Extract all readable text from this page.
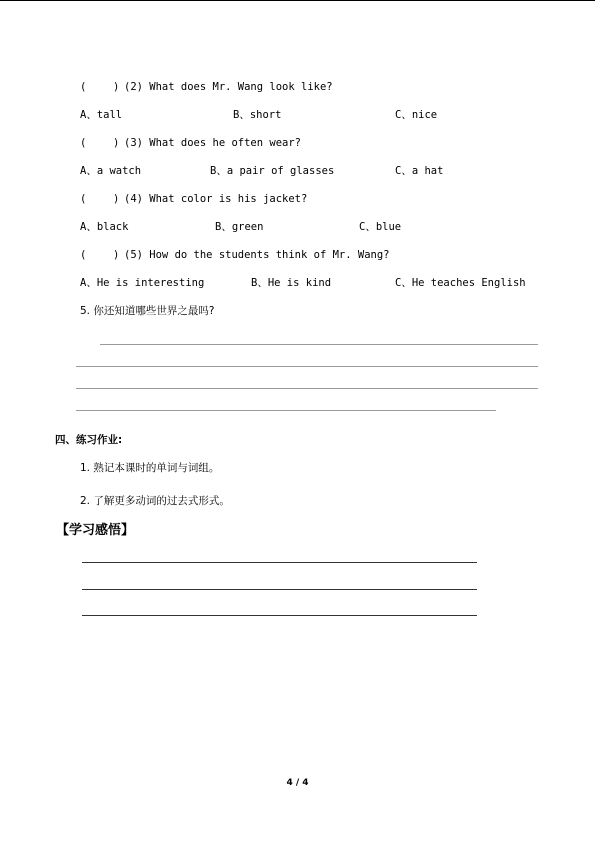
(	) (2) What does Mr. Wang look like?
A、tall	B、short	C、nice
(	) (3) What does he often wear?
A、a watch	B、a pair of glasses	C、a hat
(	) (4) What color is his jacket?
A、black	B、green	C、blue
(	) (5) How do the students think of Mr. Wang?
A、He is interesting	B、He is kind	C、He teaches English
5. 你还知道哪些世界之最吗?
四、练习作业:
1. 熟记本课时的单词与词组。
2. 了解更多动词的过去式形式。
【学习感悟】
4 / 4
